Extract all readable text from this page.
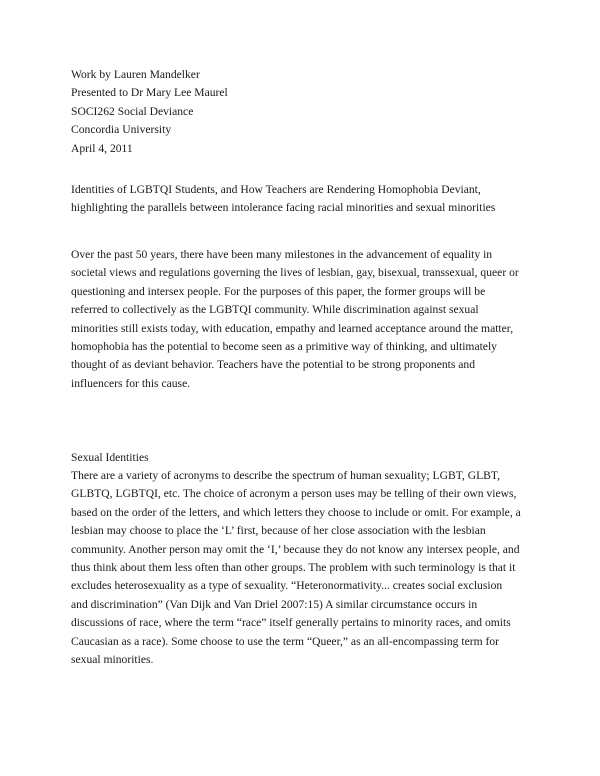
Work by Lauren Mandelker
Presented to Dr Mary Lee Maurel
SOCI262 Social Deviance
Concordia University
April 4, 2011
Identities of LGBTQI Students, and How Teachers are Rendering Homophobia Deviant,
highlighting the parallels between intolerance facing racial minorities and sexual minorities
Over the past 50 years, there have been many milestones in the advancement of equality in
societal views and regulations governing the lives of lesbian, gay, bisexual, transsexual, queer or
questioning and intersex people. For the purposes of this paper, the former groups will be
referred to collectively as the LGBTQI community. While discrimination against sexual
minorities still exists today, with education, empathy and learned acceptance around the matter,
homophobia has the potential to become seen as a primitive way of thinking, and ultimately
thought of as deviant behavior. Teachers have the potential to be strong proponents and
influencers for this cause.
Sexual Identities
There are a variety of acronyms to describe the spectrum of human sexuality; LGBT, GLBT,
GLBTQ, LGBTQI, etc. The choice of acronym a person uses may be telling of their own views,
based on the order of the letters, and which letters they choose to include or omit. For example, a
lesbian may choose to place the ‘L’ first, because of her close association with the lesbian
community. Another person may omit the ‘I,’ because they do not know any intersex people, and
thus think about them less often than other groups. The problem with such terminology is that it
excludes heterosexuality as a type of sexuality. “Heteronormativity... creates social exclusion
and discrimination” (Van Dijk and Van Driel 2007:15) A similar circumstance occurs in
discussions of race, where the term “race” itself generally pertains to minority races, and omits
Caucasian as a race). Some choose to use the term “Queer,” as an all-encompassing term for
sexual minorities.
